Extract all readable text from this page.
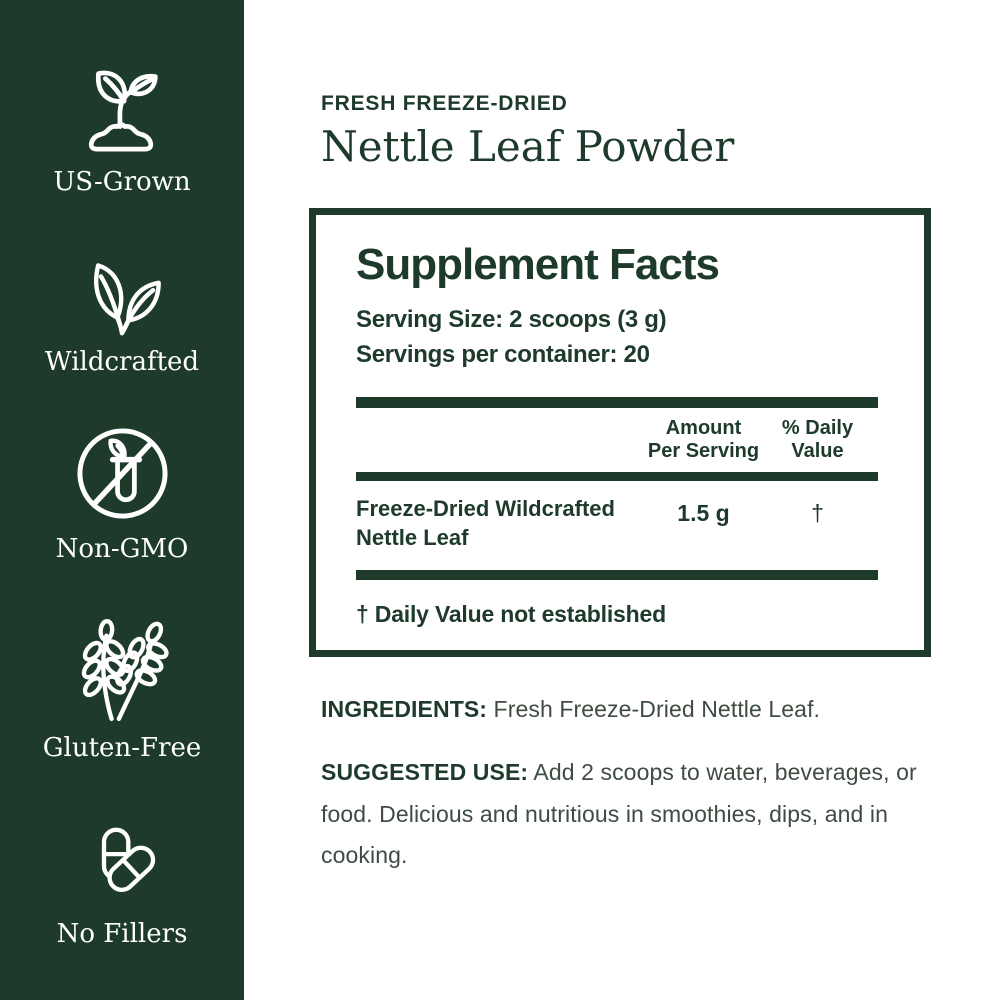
US-Grown
Wildcrafted
Non-GMO
Gluten-Free
No Fillers
FRESH FREEZE-DRIED
Nettle Leaf Powder
Supplement Facts
Serving Size: 2 scoops (3 g)
Servings per container: 20
Amount
Per Serving
% Daily
Value
Freeze-Dried Wildcrafted Nettle Leaf
1.5 g	†
† Daily Value not established

INGREDIENTS: Fresh Freeze-Dried Nettle Leaf.

SUGGESTED USE: Add 2 scoops to water, beverages, or food. Delicious and nutritious in smoothies, dips, and in cooking.
